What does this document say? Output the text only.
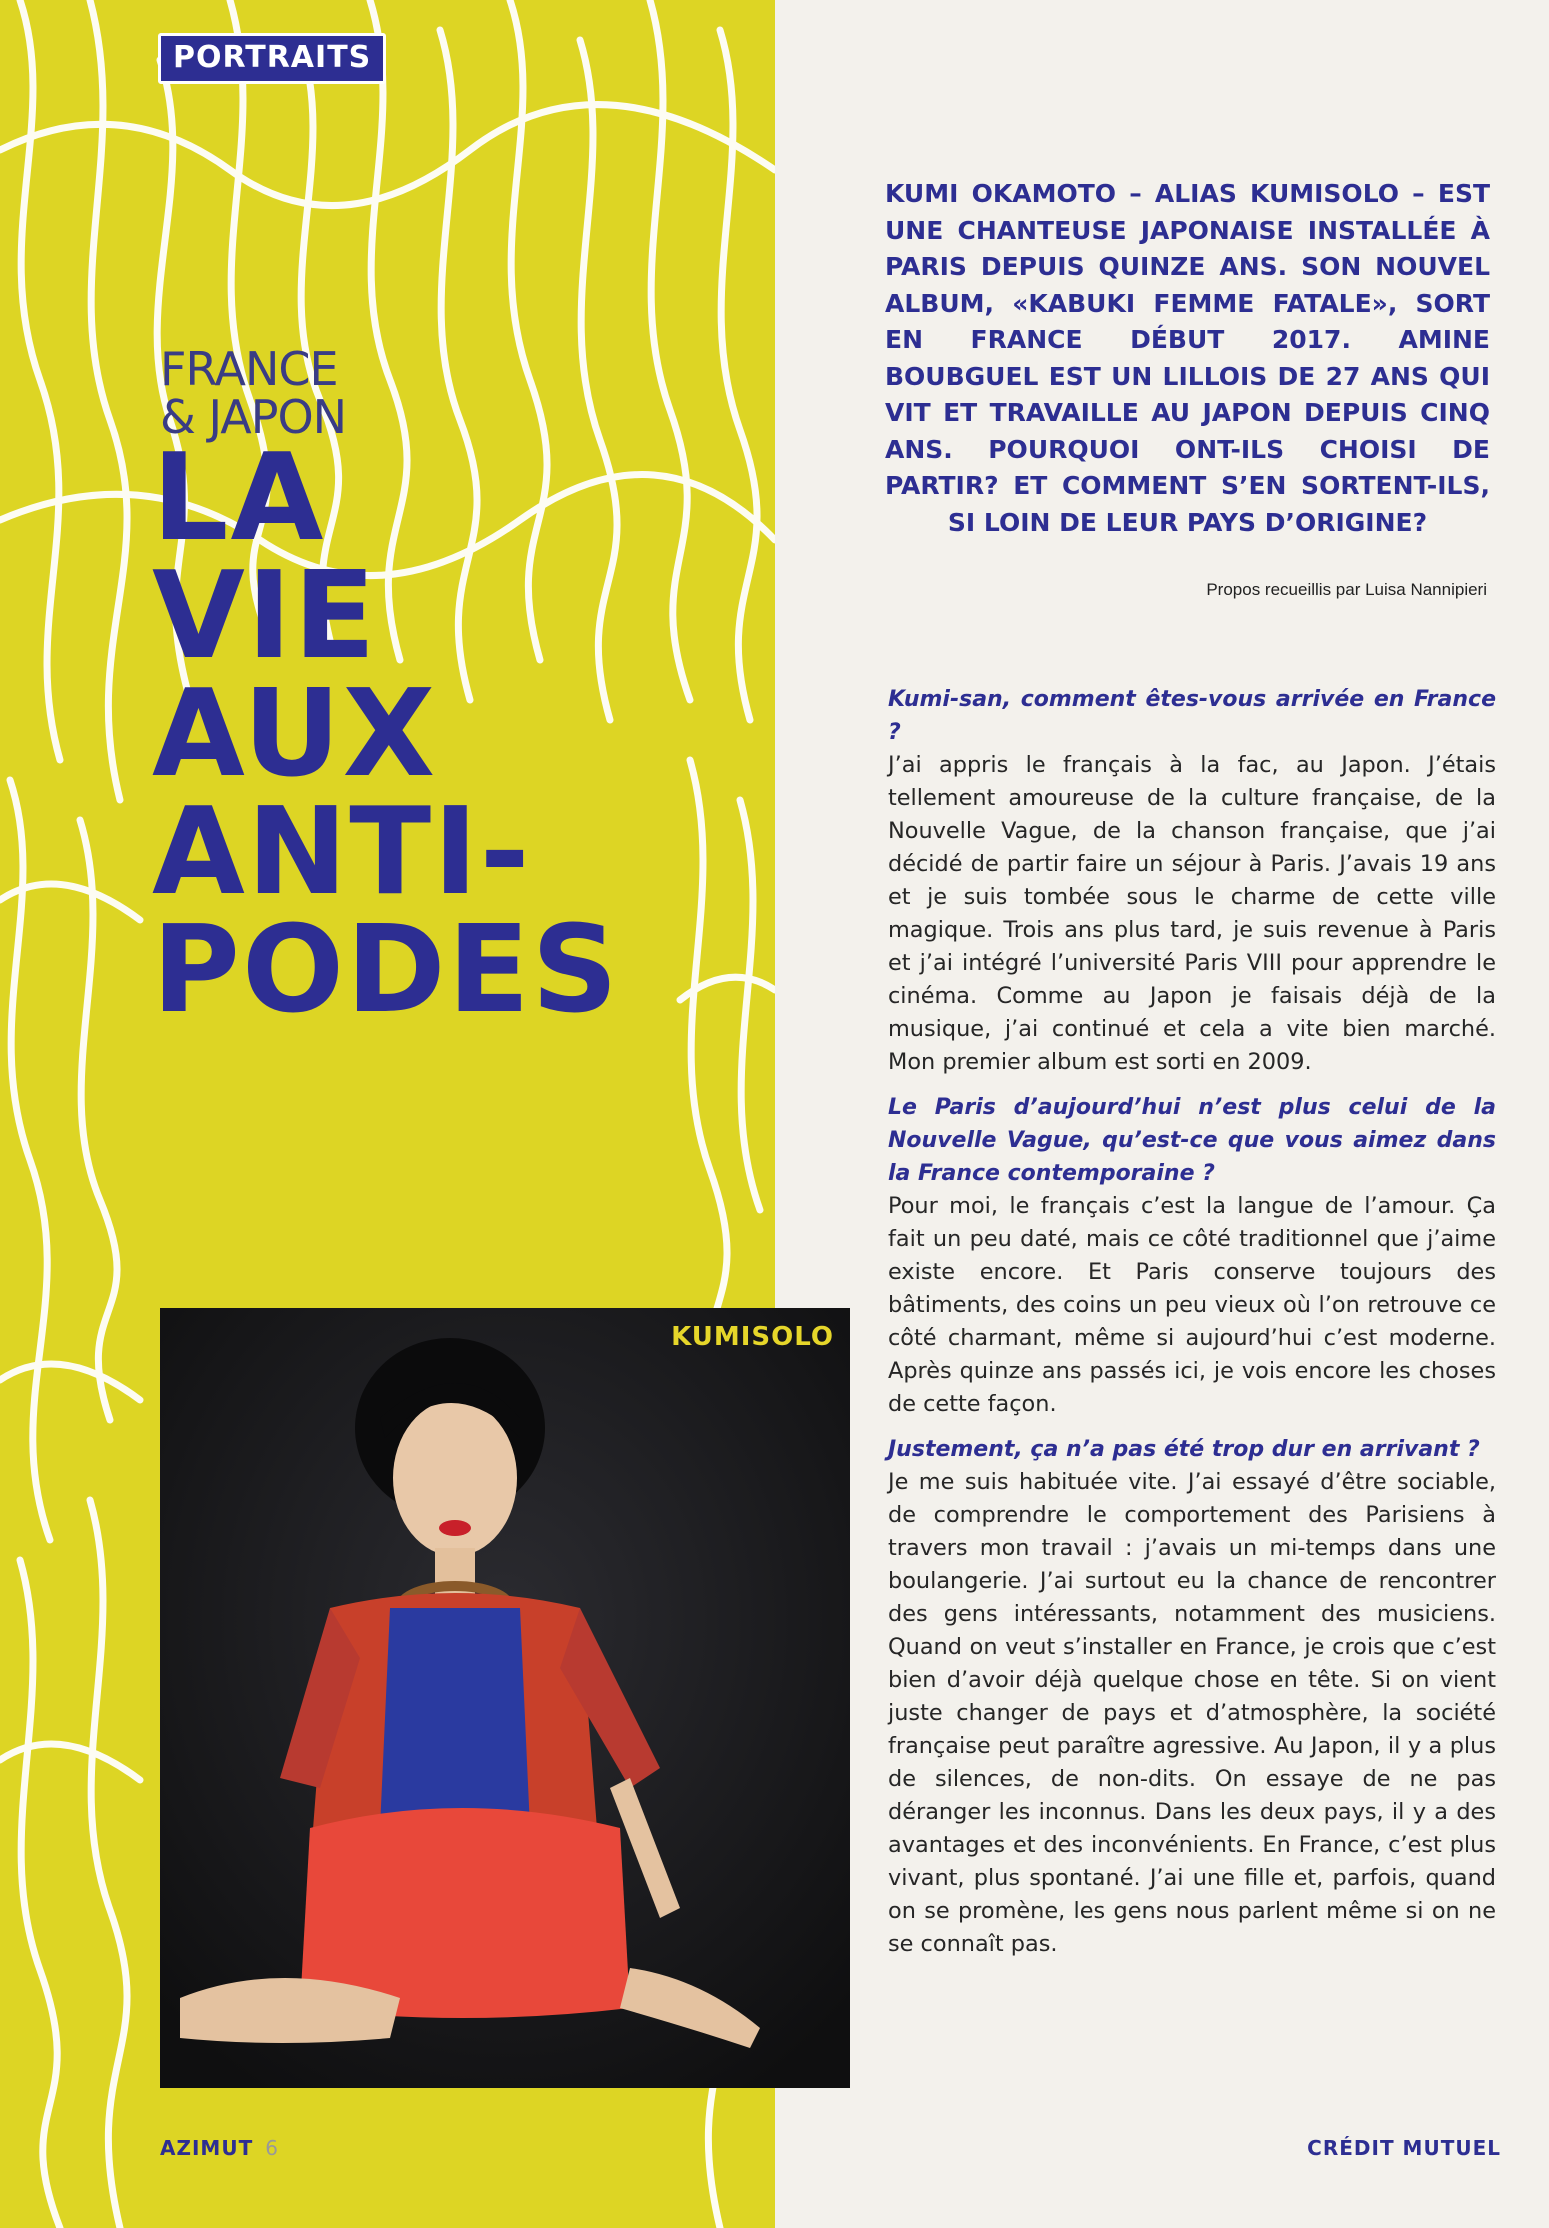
PORTRAITS
FRANCE
& JAPON
LA
VIE
AUX
ANTI-
PODES
KUMISOLO
KUMI OKAMOTO – ALIAS KUMISOLO – EST UNE CHANTEUSE JAPONAISE INSTALLÉE À PARIS DEPUIS QUINZE ANS. SON NOUVEL ALBUM, «KABUKI FEMME FATALE», SORT EN FRANCE DÉBUT 2017. AMINE BOUBGUEL EST UN LILLOIS DE 27 ANS QUI VIT ET TRAVAILLE AU JAPON DEPUIS CINQ ANS. POURQUOI ONT-ILS CHOISI DE PARTIR? ET COMMENT S’EN SORTENT-ILS, SI LOIN DE LEUR PAYS D’ORIGINE?
Propos recueillis par Luisa Nannipieri

Kumi-san, comment êtes-vous arrivée en France ?

J’ai appris le français à la fac, au Japon. J’étais tellement amoureuse de la culture française, de la Nouvelle Vague, de la chanson française, que j’ai décidé de partir faire un séjour à Paris. J’avais 19 ans et je suis tombée sous le charme de cette ville magique. Trois ans plus tard, je suis revenue à Paris et j’ai intégré l’université Paris VIII pour apprendre le cinéma. Comme au Japon je faisais déjà de la musique, j’ai continué et cela a vite bien marché. Mon premier album est sorti en 2009.

Le Paris d’aujourd’hui n’est plus celui de la Nouvelle Vague, qu’est-ce que vous aimez dans la France contemporaine ?

Pour moi, le français c’est la langue de l’amour. Ça fait un peu daté, mais ce côté traditionnel que j’aime existe encore. Et Paris conserve toujours des bâtiments, des coins un peu vieux où l’on retrouve ce côté charmant, même si aujourd’hui c’est moderne. Après quinze ans passés ici, je vois encore les choses de cette façon.

Justement, ça n’a pas été trop dur en arrivant ?

Je me suis habituée vite. J’ai essayé d’être sociable, de comprendre le comportement des Parisiens à travers mon travail : j’avais un mi-temps dans une boulangerie. J’ai surtout eu la chance de rencontrer des gens intéressants, notamment des musiciens. Quand on veut s’installer en France, je crois que c’est bien d’avoir déjà quelque chose en tête. Si on vient juste changer de pays et d’atmosphère, la société française peut paraître agressive. Au Japon, il y a plus de silences, de non-dits. On essaye de ne pas déranger les inconnus. Dans les deux pays, il y a des avantages et des inconvénients. En France, c’est plus vivant, plus spontané. J’ai une fille et, parfois, quand on se promène, les gens nous parlent même si on ne se connaît pas.

AZIMUT 6	CRÉDIT MUTUEL
